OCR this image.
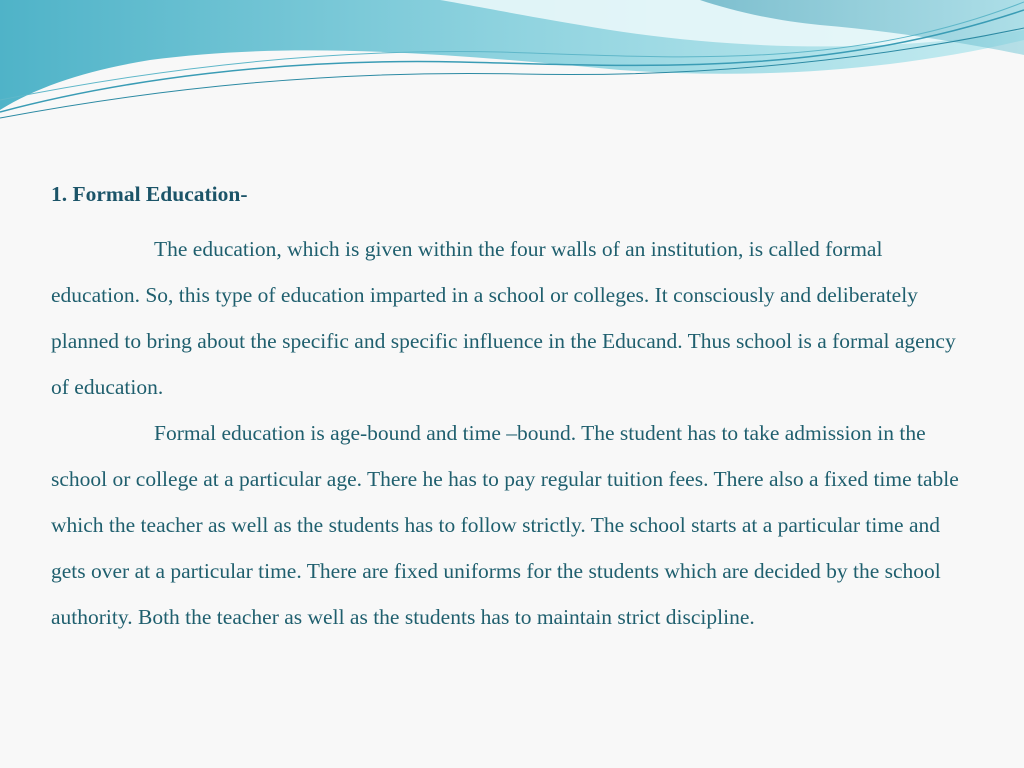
1. Formal Education-

The education, which is given within the four walls of an institution, is called formal education. So, this type of education imparted in a school or colleges. It consciously and deliberately planned to bring about the specific and specific influence in the Educand. Thus school is a formal agency of education.

Formal education is age-bound and time –bound. The student has to take admission in the school or college at a particular age. There he has to pay regular tuition fees. There also a fixed time table which the teacher as well as the students has to follow strictly. The school starts at a particular time and gets over at a particular time. There are fixed uniforms for the students which are decided by the school authority. Both the teacher as well as the students has to maintain strict discipline.
